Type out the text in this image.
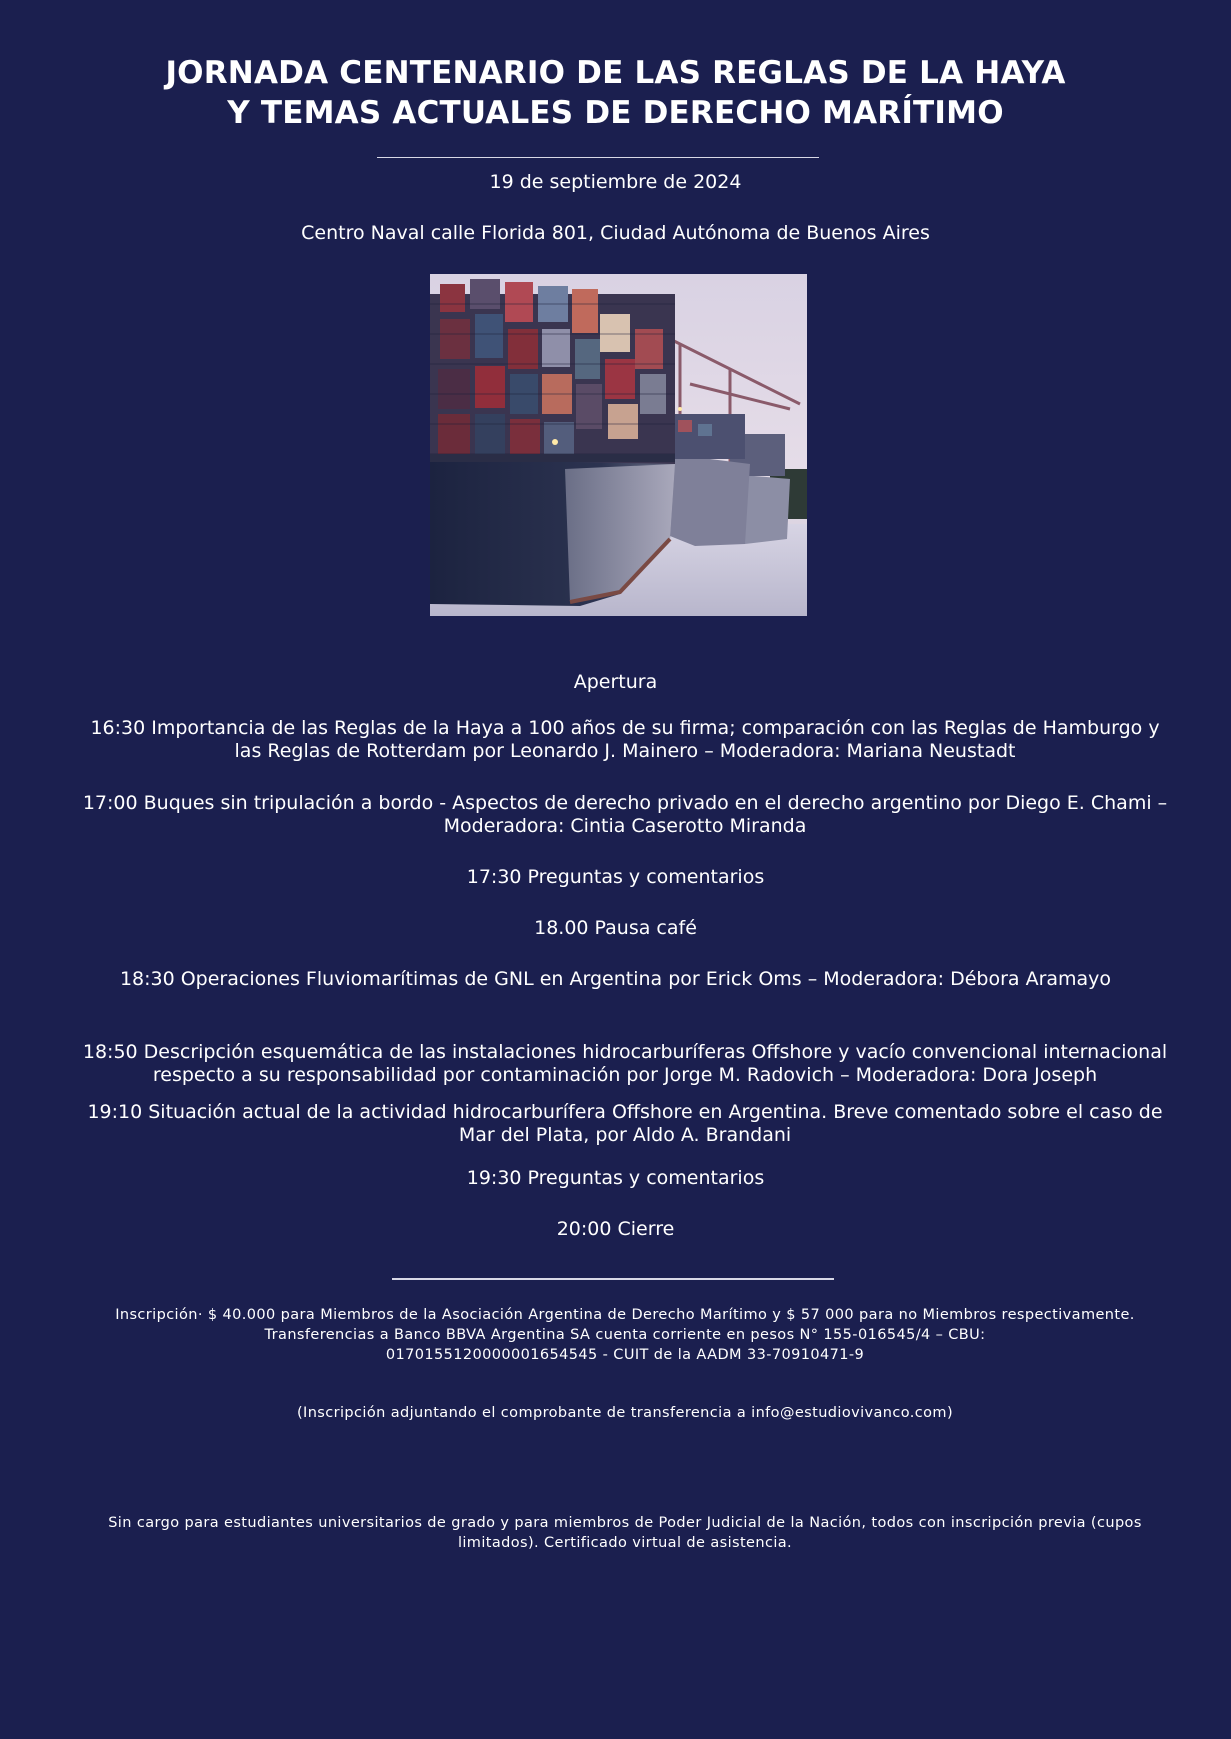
JORNADA CENTENARIO DE LAS REGLAS DE LA HAYA
Y TEMAS ACTUALES DE DERECHO MARÍTIMO
19 de septiembre de 2024
Centro Naval calle Florida 801, Ciudad Autónoma de Buenos Aires
Apertura
16:30 Importancia de las Reglas de la Haya a 100 años de su firma; comparación con las Reglas de Hamburgo y las Reglas de Rotterdam por Leonardo J. Mainero – Moderadora: Mariana Neustadt
17:00 Buques sin tripulación a bordo - Aspectos de derecho privado en el derecho argentino por Diego E. Chami – Moderadora: Cintia Caserotto Miranda
17:30 Preguntas y comentarios
18.00 Pausa café
18:30 Operaciones Fluviomarítimas de GNL en Argentina por Erick Oms – Moderadora: Débora Aramayo
18:50 Descripción esquemática de las instalaciones hidrocarburíferas Offshore y vacío convencional internacional respecto a su responsabilidad por contaminación por Jorge M. Radovich – Moderadora: Dora Joseph
19:10 Situación actual de la actividad hidrocarburífera Offshore en Argentina. Breve comentado sobre el caso de Mar del Plata, por Aldo A. Brandani
19:30 Preguntas y comentarios
20:00 Cierre
Inscripción· $ 40.000 para Miembros de la Asociación Argentina de Derecho Marítimo y $ 57 000 para no Miembros respectivamente.
Transferencias a Banco BBVA Argentina SA cuenta corriente en pesos N° 155-016545/4 – CBU:
0170155120000001654545 - CUIT de la AADM 33-70910471-9
(Inscripción adjuntando el comprobante de transferencia a info@estudiovivanco.com)
Sin cargo para estudiantes universitarios de grado y para miembros de Poder Judicial de la Nación, todos con inscripción previa (cupos limitados). Certificado virtual de asistencia.
